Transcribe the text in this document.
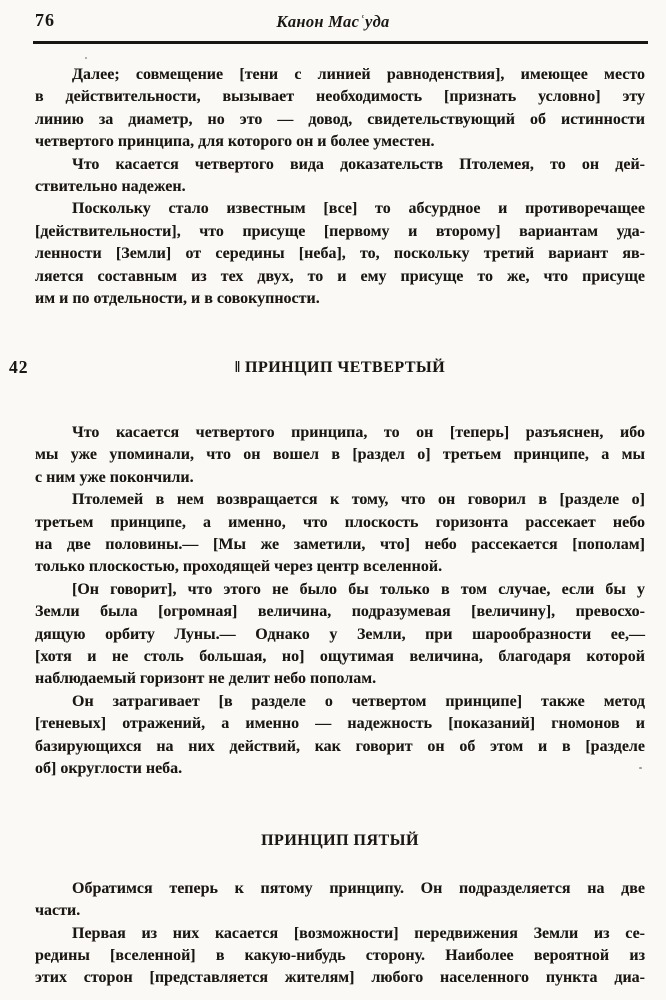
76	Канон Масʿуда

Далее; совмещение [тени с линией равноденствия], имеющее место
в действительности, вызывает необходимость [признать условно] эту
линию за диаметр, но это — довод, свидетельствующий об истинности
четвертого принципа, для которого он и более уместен.

Что касается четвертого вида доказательств Птолемея, то он дей-
ствительно надежен.

Поскольку стало известным [все] то абсурдное и противоречащее
[действительности], что присуще [первому и второму] вариантам уда-
ленности [Земли] от середины [неба], то, поскольку третий вариант яв-
ляется составным из тех двух, то и ему присуще то же, что присуще
им и по отдельности, и в совокупности.

42	‖ ПРИНЦИП ЧЕТВЕРТЫЙ

Что касается четвертого принципа, то он [теперь] разъяснен, ибо
мы уже упоминали, что он вошел в [раздел о] третьем принципе, а мы
с ним уже покончили.

Птолемей в нем возвращается к тому, что он говорил в [разделе о]
третьем принципе, а именно, что плоскость горизонта рассекает небо
на две половины.— [Мы же заметили, что] небо рассекается [пополам]
только плоскостью, проходящей через центр вселенной.

[Он говорит], что этого не было бы только в том случае, если бы у
Земли была [огромная] величина, подразумевая [величину], превосхо-
дящую орбиту Луны.— Однако у Земли, при шарообразности ее,—
[хотя и не столь большая, но] ощутимая величина, благодаря которой
наблюдаемый горизонт не делит небо пополам.

Он затрагивает [в разделе о четвертом принципе] также метод
[теневых] отражений, а именно — надежность [показаний] гномонов и
базирующихся на них действий, как говорит он об этом и в [разделе
об] округлости неба.

ПРИНЦИП ПЯТЫЙ

Обратимся теперь к пятому принципу. Он подразделяется на две
части.

Первая из них касается [возможности] передвижения Земли из се-
редины [вселенной] в какую-нибудь сторону. Наиболее вероятной из
этих сторон [представляется жителям] любого населенного пункта диа-
